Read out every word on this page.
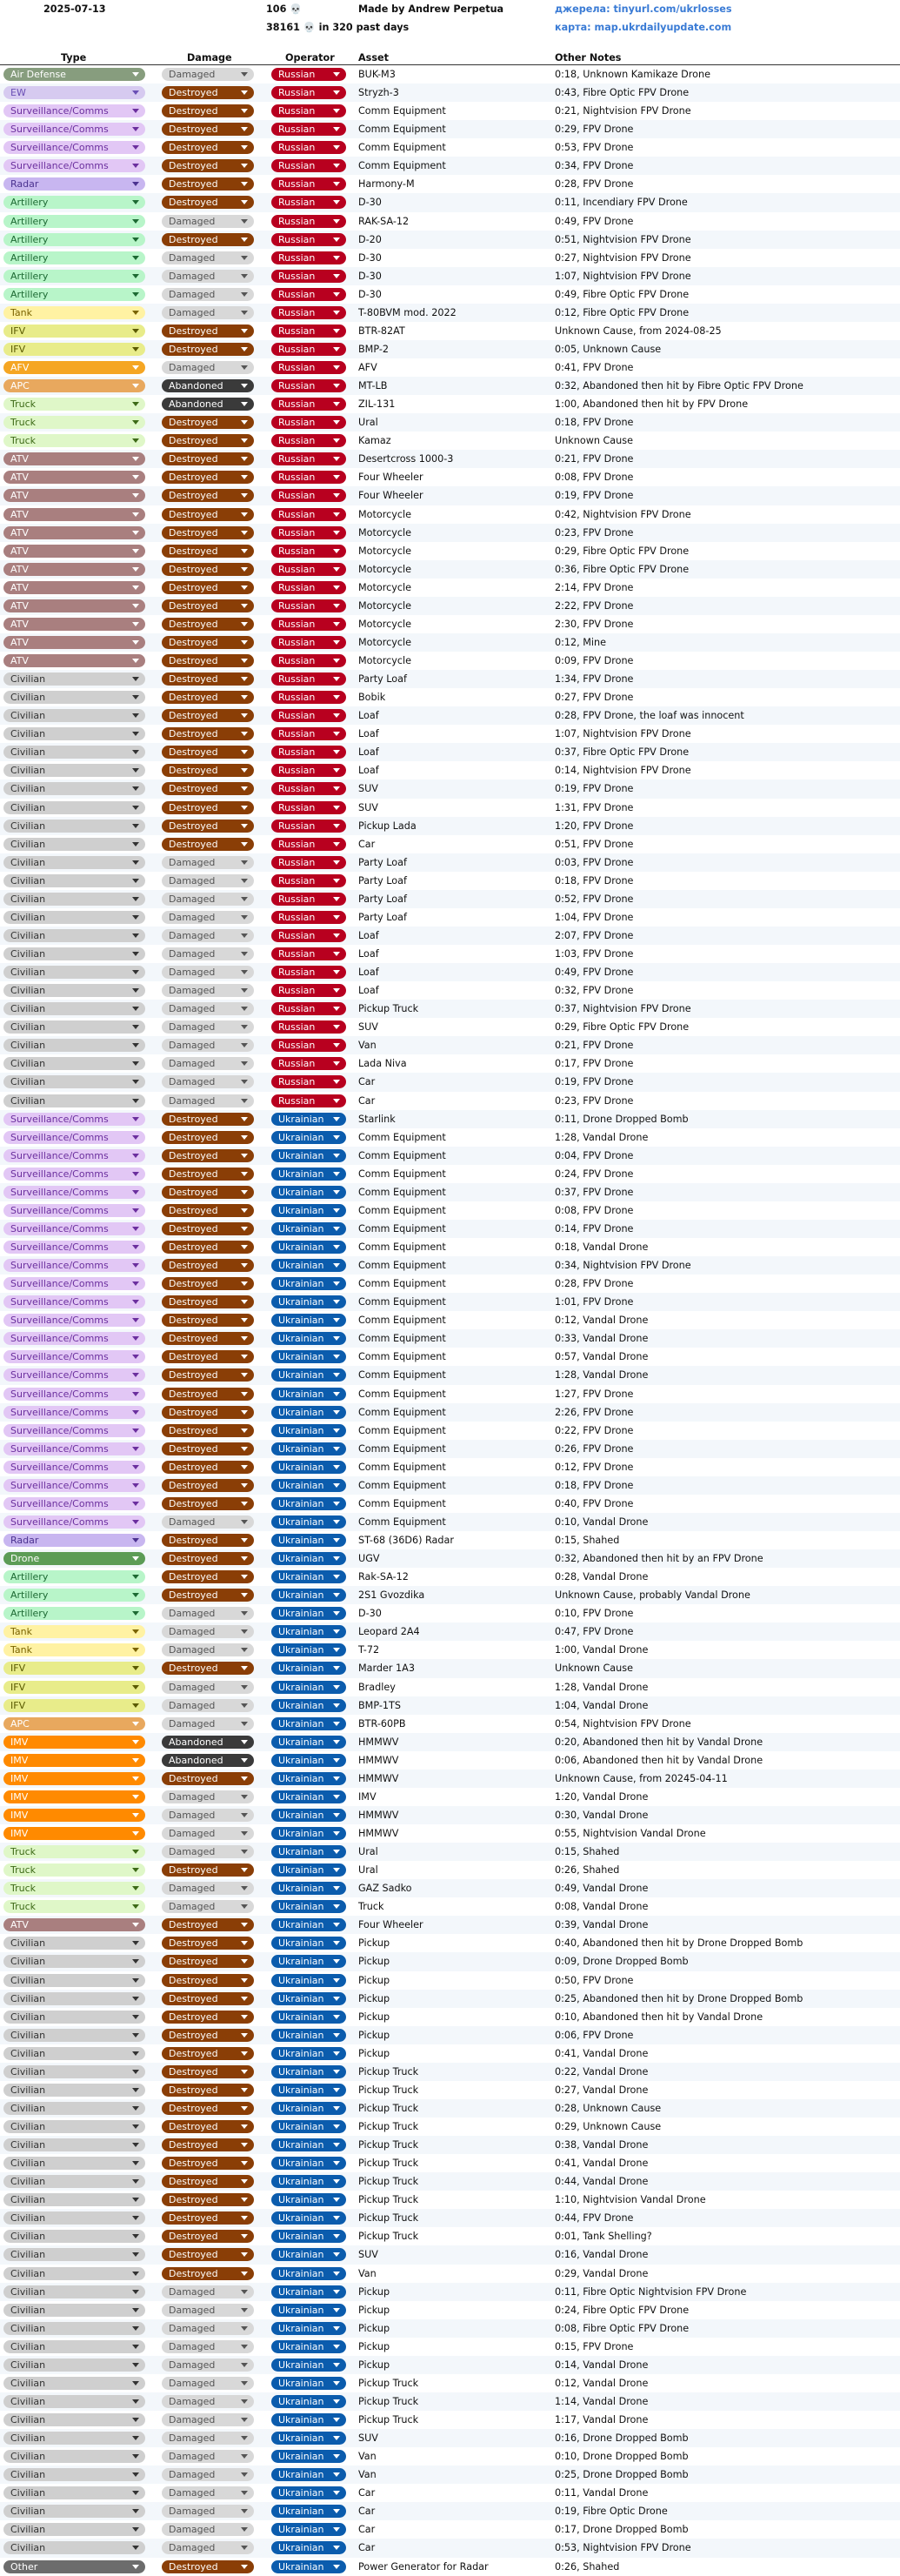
2025-07-13	106 💀
38161 💀 in 320 past days
Made by Andrew Perpetua	джерела: tinyurl.com/ukrlosses
карта: map.ukrdailyupdate.com
Type	Damage	Operator Asset	Other Notes
Air Defense	Damaged	Russian	BUK-M3	0:18, Unknown Kamikaze Drone
EW	Destroyed	Russian	Stryzh-3	0:43, Fibre Optic FPV Drone
Surveillance/Comms	Destroyed	Russian	Comm Equipment	0:21, Nightvision FPV Drone
Surveillance/Comms	Destroyed	Russian	Comm Equipment	0:29, FPV Drone
Surveillance/Comms	Destroyed	Russian	Comm Equipment	0:53, FPV Drone
Surveillance/Comms	Destroyed	Russian	Comm Equipment	0:34, FPV Drone
Radar	Destroyed	Russian	Harmony-M	0:28, FPV Drone
Artillery	Destroyed	Russian	D-30	0:11, Incendiary FPV Drone
Artillery	Damaged	Russian	RAK-SA-12	0:49, FPV Drone
Artillery	Destroyed	Russian	D-20	0:51, Nightvision FPV Drone
Artillery	Damaged	Russian	D-30	0:27, Nightvision FPV Drone
Artillery	Damaged	Russian	D-30	1:07, Nightvision FPV Drone
Artillery	Damaged	Russian	D-30	0:49, Fibre Optic FPV Drone
Tank	Damaged	Russian	T-80BVM mod. 2022	0:12, Fibre Optic FPV Drone
IFV	Destroyed	Russian	BTR-82AT	Unknown Cause, from 2024-08-25
IFV	Destroyed	Russian	BMP-2	0:05, Unknown Cause
AFV	Damaged	Russian	AFV	0:41, FPV Drone
APC	Abandoned	Russian	MT-LB	0:32, Abandoned then hit by Fibre Optic FPV Drone
Truck	Abandoned	Russian	ZIL-131	1:00, Abandoned then hit by FPV Drone
Truck	Destroyed	Russian	Ural	0:18, FPV Drone
Truck	Destroyed	Russian	Kamaz	Unknown Cause
ATV	Destroyed	Russian	Desertcross 1000-3	0:21, FPV Drone
ATV	Destroyed	Russian	Four Wheeler	0:08, FPV Drone
ATV	Destroyed	Russian	Four Wheeler	0:19, FPV Drone
ATV	Destroyed	Russian	Motorcycle	0:42, Nightvision FPV Drone
ATV	Destroyed	Russian	Motorcycle	0:23, FPV Drone
ATV	Destroyed	Russian	Motorcycle	0:29, Fibre Optic FPV Drone
ATV	Destroyed	Russian	Motorcycle	0:36, Fibre Optic FPV Drone
ATV	Destroyed	Russian	Motorcycle	2:14, FPV Drone
ATV	Destroyed	Russian	Motorcycle	2:22, FPV Drone
ATV	Destroyed	Russian	Motorcycle	2:30, FPV Drone
ATV	Destroyed	Russian	Motorcycle	0:12, Mine
ATV	Destroyed	Russian	Motorcycle	0:09, FPV Drone
Civilian	Destroyed	Russian	Party Loaf	1:34, FPV Drone
Civilian	Destroyed	Russian	Bobik	0:27, FPV Drone
Civilian	Destroyed	Russian	Loaf	0:28, FPV Drone, the loaf was innocent
Civilian	Destroyed	Russian	Loaf	1:07, Nightvision FPV Drone
Civilian	Destroyed	Russian	Loaf	0:37, Fibre Optic FPV Drone
Civilian	Destroyed	Russian	Loaf	0:14, Nightvision FPV Drone
Civilian	Destroyed	Russian	SUV	0:19, FPV Drone
Civilian	Destroyed	Russian	SUV	1:31, FPV Drone
Civilian	Destroyed	Russian	Pickup Lada	1:20, FPV Drone
Civilian	Destroyed	Russian	Car	0:51, FPV Drone
Civilian	Damaged	Russian	Party Loaf	0:03, FPV Drone
Civilian	Damaged	Russian	Party Loaf	0:18, FPV Drone
Civilian	Damaged	Russian	Party Loaf	0:52, FPV Drone
Civilian	Damaged	Russian	Party Loaf	1:04, FPV Drone
Civilian	Damaged	Russian	Loaf	2:07, FPV Drone
Civilian	Damaged	Russian	Loaf	1:03, FPV Drone
Civilian	Damaged	Russian	Loaf	0:49, FPV Drone
Civilian	Damaged	Russian	Loaf	0:32, FPV Drone
Civilian	Damaged	Russian	Pickup Truck	0:37, Nightvision FPV Drone
Civilian	Damaged	Russian	SUV	0:29, Fibre Optic FPV Drone
Civilian	Damaged	Russian	Van	0:21, FPV Drone
Civilian	Damaged	Russian	Lada Niva	0:17, FPV Drone
Civilian	Damaged	Russian	Car	0:19, FPV Drone
Civilian	Damaged	Russian	Car	0:23, FPV Drone
Surveillance/Comms	Destroyed	Ukrainian	Starlink	0:11, Drone Dropped Bomb
Surveillance/Comms	Destroyed	Ukrainian	Comm Equipment	1:28, Vandal Drone
Surveillance/Comms	Destroyed	Ukrainian	Comm Equipment	0:04, FPV Drone
Surveillance/Comms	Destroyed	Ukrainian	Comm Equipment	0:24, FPV Drone
Surveillance/Comms	Destroyed	Ukrainian	Comm Equipment	0:37, FPV Drone
Surveillance/Comms	Destroyed	Ukrainian	Comm Equipment	0:08, FPV Drone
Surveillance/Comms	Destroyed	Ukrainian	Comm Equipment	0:14, FPV Drone
Surveillance/Comms	Destroyed	Ukrainian	Comm Equipment	0:18, Vandal Drone
Surveillance/Comms	Destroyed	Ukrainian	Comm Equipment	0:34, Nightvision FPV Drone
Surveillance/Comms	Destroyed	Ukrainian	Comm Equipment	0:28, FPV Drone
Surveillance/Comms	Destroyed	Ukrainian	Comm Equipment	1:01, FPV Drone
Surveillance/Comms	Destroyed	Ukrainian	Comm Equipment	0:12, Vandal Drone
Surveillance/Comms	Destroyed	Ukrainian	Comm Equipment	0:33, Vandal Drone
Surveillance/Comms	Destroyed	Ukrainian	Comm Equipment	0:57, Vandal Drone
Surveillance/Comms	Destroyed	Ukrainian	Comm Equipment	1:28, Vandal Drone
Surveillance/Comms	Destroyed	Ukrainian	Comm Equipment	1:27, FPV Drone
Surveillance/Comms	Destroyed	Ukrainian	Comm Equipment	2:26, FPV Drone
Surveillance/Comms	Destroyed	Ukrainian	Comm Equipment	0:22, FPV Drone
Surveillance/Comms	Destroyed	Ukrainian	Comm Equipment	0:26, FPV Drone
Surveillance/Comms	Destroyed	Ukrainian	Comm Equipment	0:12, FPV Drone
Surveillance/Comms	Destroyed	Ukrainian	Comm Equipment	0:18, FPV Drone
Surveillance/Comms	Destroyed	Ukrainian	Comm Equipment	0:40, FPV Drone
Surveillance/Comms	Damaged	Ukrainian	Comm Equipment	0:10, Vandal Drone
Radar	Destroyed	Ukrainian	ST-68 (36D6) Radar	0:15, Shahed
Drone	Destroyed	Ukrainian	UGV	0:32, Abandoned then hit by an FPV Drone
Artillery	Destroyed	Ukrainian	Rak-SA-12	0:28, Vandal Drone
Artillery	Destroyed	Ukrainian	2S1 Gvozdika	Unknown Cause, probably Vandal Drone
Artillery	Damaged	Ukrainian	D-30	0:10, FPV Drone
Tank	Damaged	Ukrainian	Leopard 2A4	0:47, FPV Drone
Tank	Damaged	Ukrainian	T-72	1:00, Vandal Drone
IFV	Destroyed	Ukrainian	Marder 1A3	Unknown Cause
IFV	Damaged	Ukrainian	Bradley	1:28, Vandal Drone
IFV	Damaged	Ukrainian	BMP-1TS	1:04, Vandal Drone
APC	Damaged	Ukrainian	BTR-60PB	0:54, Nightvision FPV Drone
IMV	Abandoned	Ukrainian	HMMWV	0:20, Abandoned then hit by Vandal Drone
IMV	Abandoned	Ukrainian	HMMWV	0:06, Abandoned then hit by Vandal Drone
IMV	Destroyed	Ukrainian	HMMWV	Unknown Cause, from 20245-04-11
IMV	Damaged	Ukrainian	IMV	1:20, Vandal Drone
IMV	Damaged	Ukrainian	HMMWV	0:30, Vandal Drone
IMV	Damaged	Ukrainian	HMMWV	0:55, Nightvision Vandal Drone
Truck	Damaged	Ukrainian	Ural	0:15, Shahed
Truck	Destroyed	Ukrainian	Ural	0:26, Shahed
Truck	Damaged	Ukrainian	GAZ Sadko	0:49, Vandal Drone
Truck	Damaged	Ukrainian	Truck	0:08, Vandal Drone
ATV	Destroyed	Ukrainian	Four Wheeler	0:39, Vandal Drone
Civilian	Destroyed	Ukrainian	Pickup	0:40, Abandoned then hit by Drone Dropped Bomb
Civilian	Destroyed	Ukrainian	Pickup	0:09, Drone Dropped Bomb
Civilian	Destroyed	Ukrainian	Pickup	0:50, FPV Drone
Civilian	Destroyed	Ukrainian	Pickup	0:25, Abandoned then hit by Drone Dropped Bomb
Civilian	Destroyed	Ukrainian	Pickup	0:10, Abandoned then hit by Vandal Drone
Civilian	Destroyed	Ukrainian	Pickup	0:06, FPV Drone
Civilian	Destroyed	Ukrainian	Pickup	0:41, Vandal Drone
Civilian	Destroyed	Ukrainian	Pickup Truck	0:22, Vandal Drone
Civilian	Destroyed	Ukrainian	Pickup Truck	0:27, Vandal Drone
Civilian	Destroyed	Ukrainian	Pickup Truck	0:28, Unknown Cause
Civilian	Destroyed	Ukrainian	Pickup Truck	0:29, Unknown Cause
Civilian	Destroyed	Ukrainian	Pickup Truck	0:38, Vandal Drone
Civilian	Destroyed	Ukrainian	Pickup Truck	0:41, Vandal Drone
Civilian	Destroyed	Ukrainian	Pickup Truck	0:44, Vandal Drone
Civilian	Destroyed	Ukrainian	Pickup Truck	1:10, Nightvision Vandal Drone
Civilian	Destroyed	Ukrainian	Pickup Truck	0:44, FPV Drone
Civilian	Destroyed	Ukrainian	Pickup Truck	0:01, Tank Shelling?
Civilian	Destroyed	Ukrainian	SUV	0:16, Vandal Drone
Civilian	Destroyed	Ukrainian	Van	0:29, Vandal Drone
Civilian	Damaged	Ukrainian	Pickup	0:11, Fibre Optic Nightvision FPV Drone
Civilian	Damaged	Ukrainian	Pickup	0:24, Fibre Optic FPV Drone
Civilian	Damaged	Ukrainian	Pickup	0:08, Fibre Optic FPV Drone
Civilian	Damaged	Ukrainian	Pickup	0:15, FPV Drone
Civilian	Damaged	Ukrainian	Pickup	0:14, Vandal Drone
Civilian	Damaged	Ukrainian	Pickup Truck	0:12, Vandal Drone
Civilian	Damaged	Ukrainian	Pickup Truck	1:14, Vandal Drone
Civilian	Damaged	Ukrainian	Pickup Truck	1:17, Vandal Drone
Civilian	Damaged	Ukrainian	SUV	0:16, Drone Dropped Bomb
Civilian	Damaged	Ukrainian	Van	0:10, Drone Dropped Bomb
Civilian	Damaged	Ukrainian	Van	0:25, Drone Dropped Bomb
Civilian	Damaged	Ukrainian	Car	0:11, Vandal Drone
Civilian	Damaged	Ukrainian	Car	0:19, Fibre Optic Drone
Civilian	Damaged	Ukrainian	Car	0:17, Drone Dropped Bomb
Civilian	Damaged	Ukrainian	Car	0:53, Nightvision FPV Drone
Other	Destroyed	Ukrainian	Power Generator for Radar	0:26, Shahed
